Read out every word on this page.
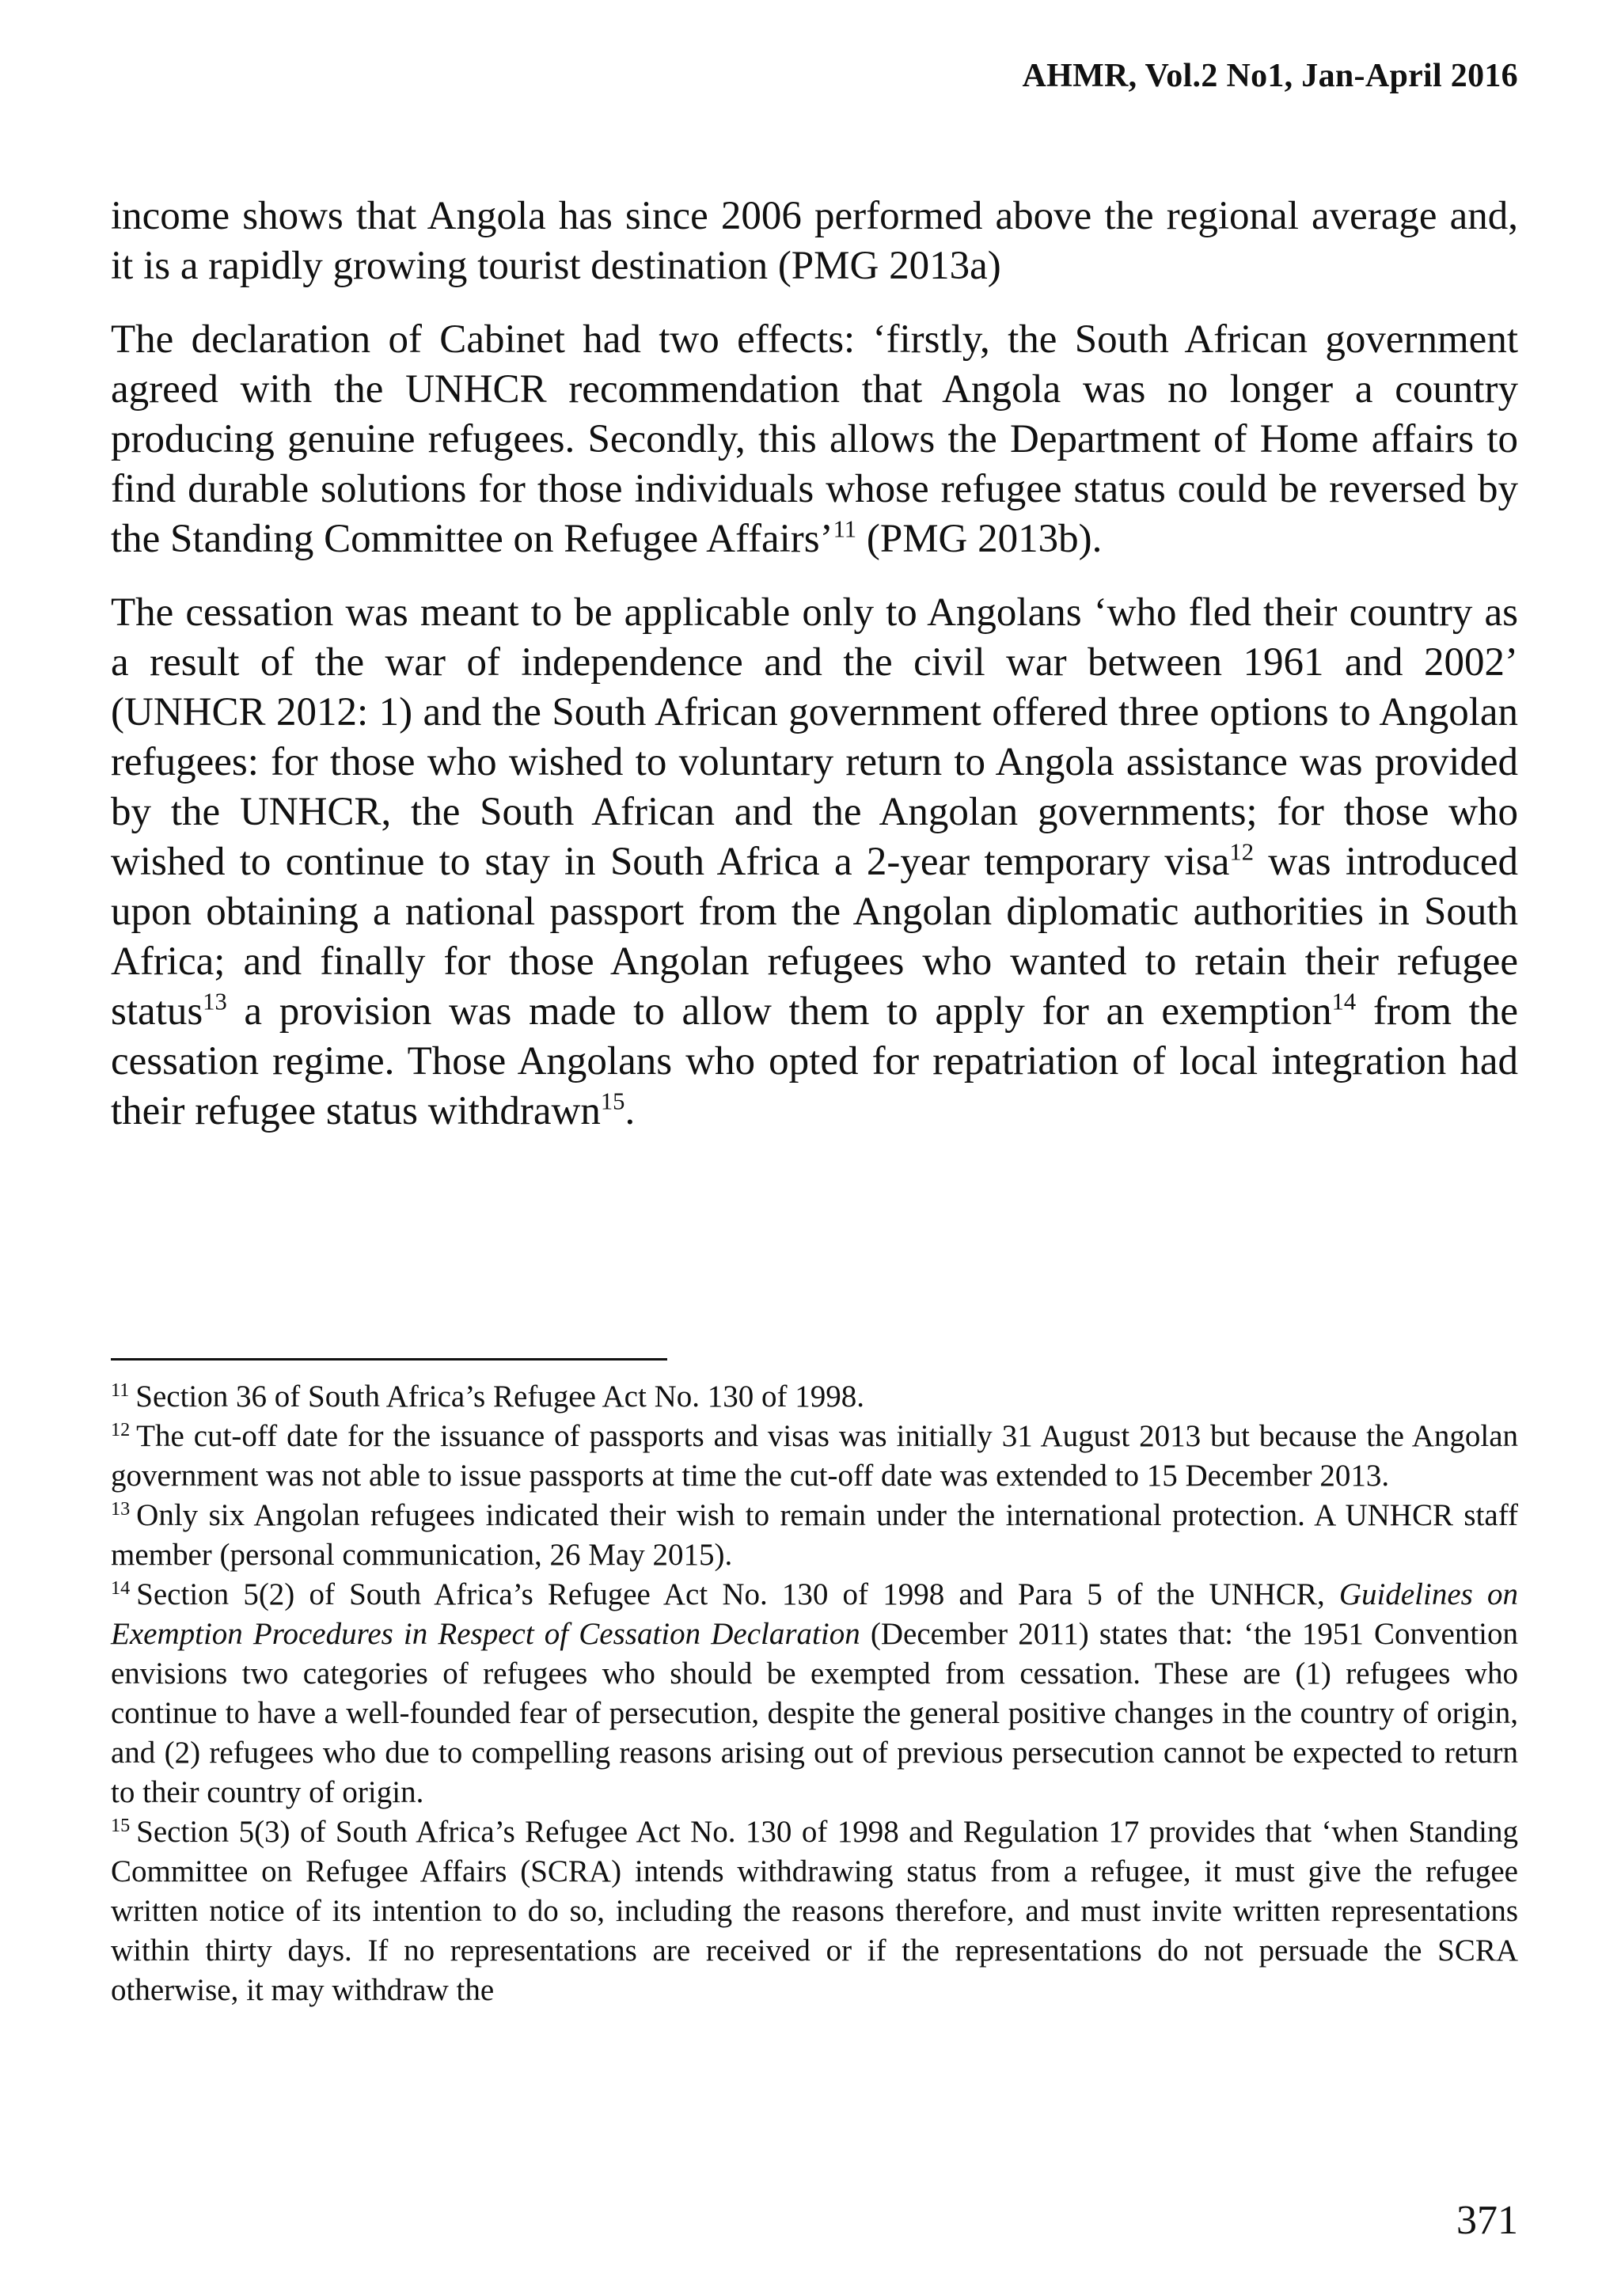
AHMR, Vol.2 No1, Jan-April 2016

income shows that Angola has since 2006 performed above the regional average and, it is a rapidly growing tourist destination (PMG 2013a)

The declaration of Cabinet had two effects: ‘firstly, the South African government agreed with the UNHCR recommendation that Angola was no longer a country producing genuine refugees. Secondly, this allows the Department of Home affairs to find durable solutions for those individuals whose refugee status could be reversed by the Standing Committee on Refugee Affairs’$^{11}$ (PMG 2013b).

The cessation was meant to be applicable only to Angolans ‘who fled their country as a result of the war of independence and the civil war between 1961 and 2002’ (UNHCR 2012: 1) and the South African government offered three options to Angolan refugees: for those who wished to voluntary return to Angola assistance was provided by the UNHCR, the South African and the Angolan governments; for those who wished to continue to stay in South Africa a 2-year temporary visa$^{12}$ was introduced upon obtaining a national passport from the Angolan diplomatic authorities in South Africa; and finally for those Angolan refugees who wanted to retain their refugee status$^{13}$ a provision was made to allow them to apply for an exemption$^{14}$ from the cessation regime. Those Angolans who opted for repatriation of local integration had their refugee status withdrawn$^{15}$.

$^{11}$ Section 36 of South Africa’s Refugee Act No. 130 of 1998.

$^{12}$ The cut-off date for the issuance of passports and visas was initially 31 August 2013 but because the Angolan government was not able to issue passports at time the cut-off date was extended to 15 December 2013.

$^{13}$ Only six Angolan refugees indicated their wish to remain under the international protection. A UNHCR staff member (personal communication, 26 May 2015).

$^{14}$ Section 5(2) of South Africa’s Refugee Act No. 130 of 1998 and Para 5 of the UNHCR, Guidelines on Exemption Procedures in Respect of Cessation Declaration (December 2011) states that: ‘the 1951 Convention envisions two categories of refugees who should be exempted from cessation. These are (1) refugees who continue to have a well-founded fear of persecution, despite the general positive changes in the country of origin, and (2) refugees who due to compelling reasons arising out of previous persecution cannot be expected to return to their country of origin.

$^{15}$ Section 5(3) of South Africa’s Refugee Act No. 130 of 1998 and Regulation 17 provides that ‘when Standing Committee on Refugee Affairs (SCRA) intends withdrawing status from a refugee, it must give the refugee written notice of its intention to do so, including the reasons therefore, and must invite written representations within thirty days. If no representations are received or if the representations do not persuade the SCRA otherwise, it may withdraw the

371
